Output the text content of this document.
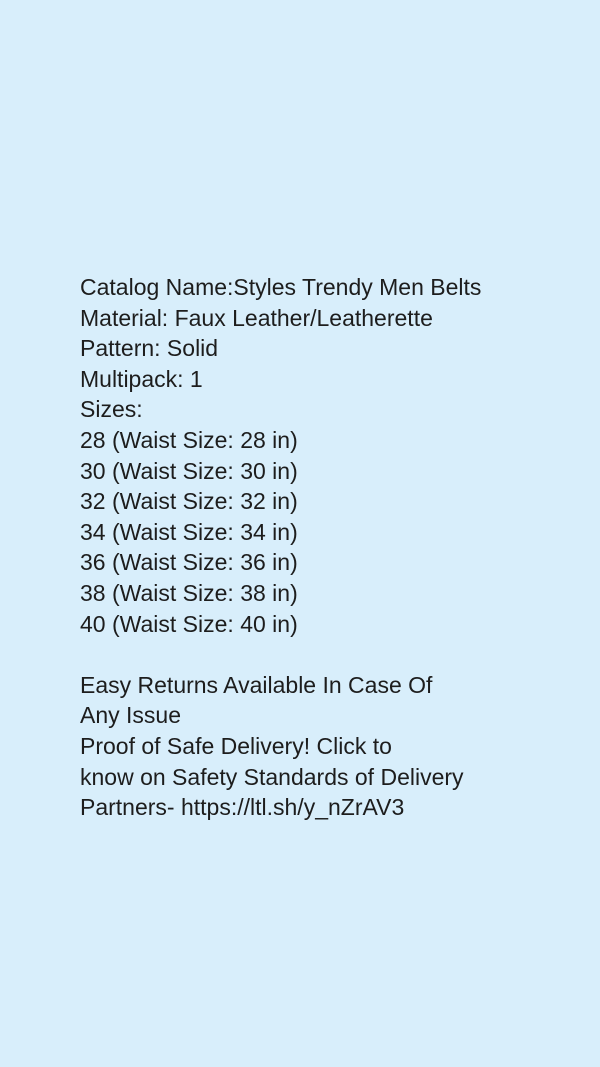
Catalog Name:Styles Trendy Men Belts
Material: Faux Leather/Leatherette
Pattern: Solid
Multipack: 1
Sizes:
28 (Waist Size: 28 in)
30 (Waist Size: 30 in)
32 (Waist Size: 32 in)
34 (Waist Size: 34 in)
36 (Waist Size: 36 in)
38 (Waist Size: 38 in)
40 (Waist Size: 40 in)
Easy Returns Available In Case Of
Any Issue
Proof of Safe Delivery! Click to
know on Safety Standards of Delivery
Partners- https://ltl.sh/y_nZrAV3
